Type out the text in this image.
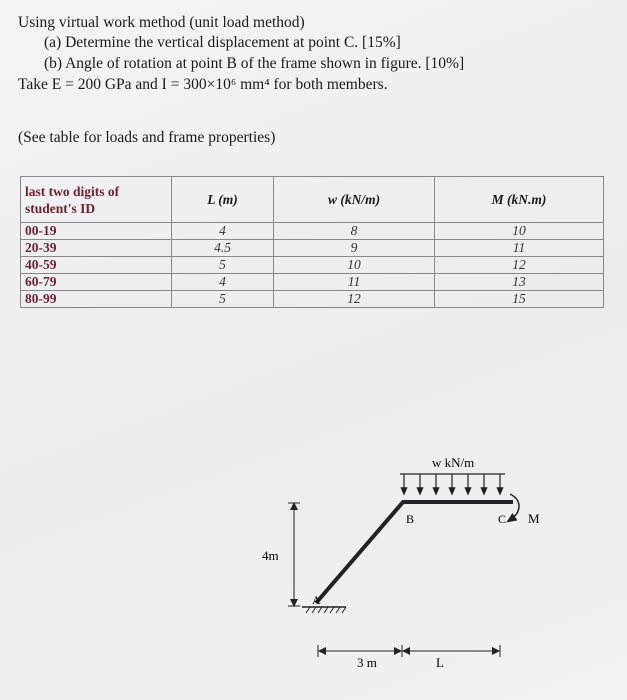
Using virtual work method (unit load method)
(a) Determine the vertical displacement at point C. [15%]
(b) Angle of rotation at point B of the frame shown in figure. [10%]
Take E = 200 GPa and I = 300×10⁶ mm⁴ for both members.
(See table for loads and frame properties)
last two digits of student's ID	L (m)	w (kN/m)	M (kN.m)
00-19	4	8	10
20-39	4.5	9	11
40-59	5	10	12
60-79	4	11	13
80-99	5	12	15
w kN/m
B	C
A
M
4m
3 m	L
